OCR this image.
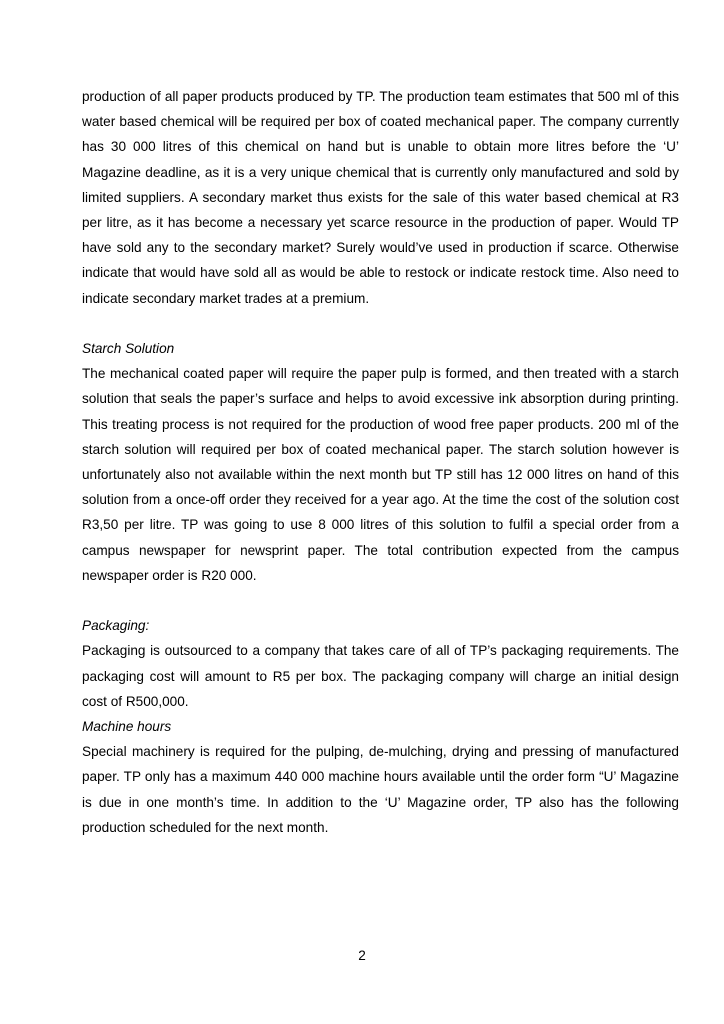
production of all paper products produced by TP. The production team estimates that 500 ml of this water based chemical will be required per box of coated mechanical paper. The company currently has 30 000 litres of this chemical on hand but is unable to obtain more litres before the ‘U’ Magazine deadline, as it is a very unique chemical that is currently only manufactured and sold by limited suppliers. A secondary market thus exists for the sale of this water based chemical at R3 per litre, as it has become a necessary yet scarce resource in the production of paper. Would TP have sold any to the secondary market? Surely would’ve used in production if scarce. Otherwise indicate that would have sold all as would be able to restock or indicate restock time. Also need to indicate secondary market trades at a premium.

Starch Solution

The mechanical coated paper will require the paper pulp is formed, and then treated with a starch solution that seals the paper’s surface and helps to avoid excessive ink absorption during printing. This treating process is not required for the production of wood free paper products. 200 ml of the starch solution will required per box of coated mechanical paper. The starch solution however is unfortunately also not available within the next month but TP still has 12 000 litres on hand of this solution from a once-off order they received for a year ago. At the time the cost of the solution cost R3,50 per litre. TP was going to use 8 000 litres of this solution to fulfil a special order from a campus newspaper for newsprint paper. The total contribution expected from the campus newspaper order is R20 000.

Packaging:

Packaging is outsourced to a company that takes care of all of TP’s packaging requirements. The packaging cost will amount to R5 per box. The packaging company will charge an initial design cost of R500,000.

Machine hours

Special machinery is required for the pulping, de-mulching, drying and pressing of manufactured paper. TP only has a maximum 440 000 machine hours available until the order form “U’ Magazine is due in one month’s time. In addition to the ‘U’ Magazine order, TP also has the following production scheduled for the next month.

2
